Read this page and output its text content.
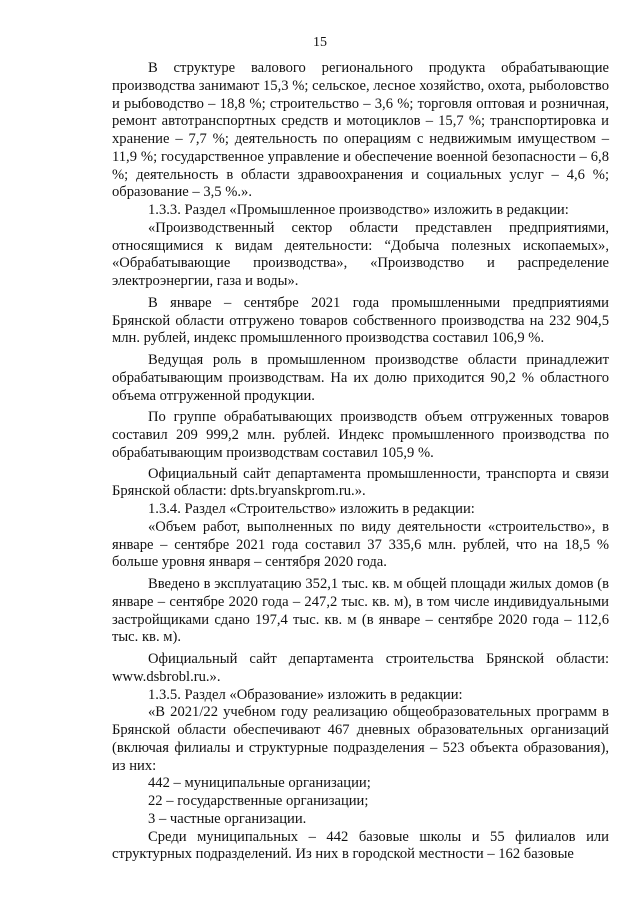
15

В структуре валового регионального продукта обрабатывающие производства занимают 15,3 %; сельское, лесное хозяйство, охота, рыболовство и рыбоводство – 18,8 %; строительство – 3,6 %; торговля оптовая и розничная, ремонт автотранспортных средств и мотоциклов – 15,7 %; транспортировка и хранение – 7,7 %; деятельность по операциям с недвижимым имуществом – 11,9 %; государственное управление и обеспечение военной безопасности – 6,8 %; деятельность в области здравоохранения и социальных услуг – 4,6 %; образование – 3,5 %.».

1.3.3. Раздел «Промышленное производство» изложить в редакции:

«Производственный сектор области представлен предприятиями, относящимися к видам деятельности: “Добыча полезных ископаемых», «Обрабатывающие производства», «Производство и распределение электроэнергии, газа и воды».

В январе – сентябре 2021 года промышленными предприятиями Брянской области отгружено товаров собственного производства на 232 904,5 млн. рублей, индекс промышленного производства составил 106,9 %.

Ведущая роль в промышленном производстве области принадлежит обрабатывающим производствам. На их долю приходится 90,2 % областного объема отгруженной продукции.

По группе обрабатывающих производств объем отгруженных товаров составил 209 999,2 млн. рублей. Индекс промышленного производства по обрабатывающим производствам составил 105,9 %.

Официальный сайт департамента промышленности, транспорта и связи Брянской области: dpts.bryanskprom.ru.».

1.3.4. Раздел «Строительство» изложить в редакции:

«Объем работ, выполненных по виду деятельности «строительство», в январе – сентябре 2021 года составил 37 335,6 млн. рублей, что на 18,5 % больше уровня января – сентября 2020 года.

Введено в эксплуатацию 352,1 тыс. кв. м общей площади жилых домов (в январе – сентябре 2020 года – 247,2 тыс. кв. м), в том числе индивидуальными застройщиками сдано 197,4 тыс. кв. м (в январе – сентябре 2020 года – 112,6 тыс. кв. м).

Официальный сайт департамента строительства Брянской области: www.dsbrobl.ru.».

1.3.5. Раздел «Образование» изложить в редакции:

«В 2021/22 учебном году реализацию общеобразовательных программ в Брянской области обеспечивают 467 дневных образовательных организаций (включая филиалы и структурные подразделения – 523 объекта образования), из них:

442 – муниципальные организации;

22 – государственные организации;

3 – частные организации.

Среди муниципальных – 442 базовые школы и 55 филиалов или структурных подразделений. Из них в городской местности – 162 базовые
